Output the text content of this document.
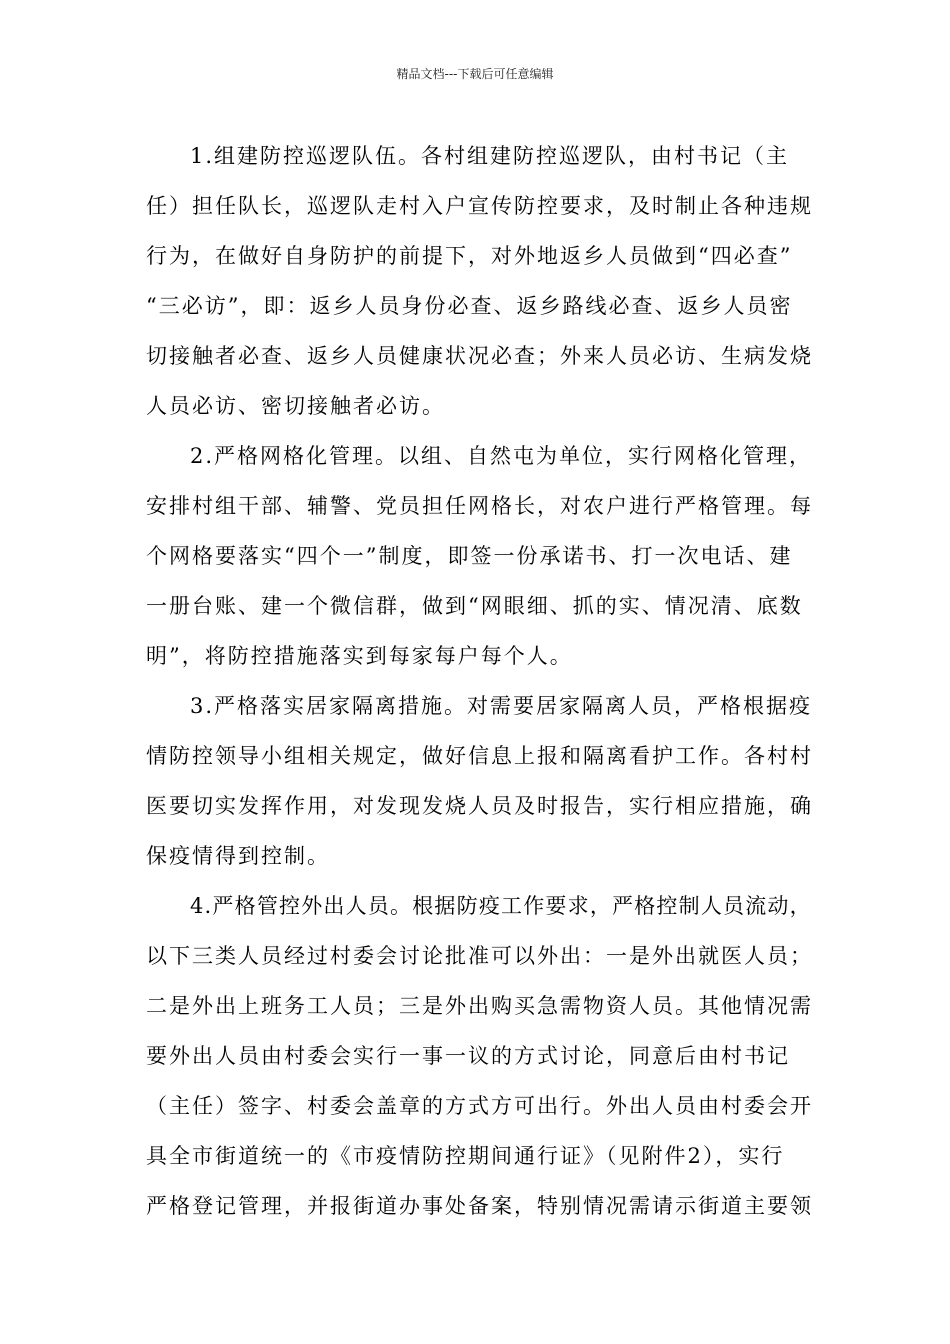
精品文档---下载后可任意编辑
1.组建防控巡逻队伍。各村组建防控巡逻队，由村书记（主
任）担任队长，巡逻队走村入户宣传防控要求，及时制止各种违规
行为，在做好自身防护的前提下，对外地返乡人员做到“四必查”
“三必访”，即：返乡人员身份必查、返乡路线必查、返乡人员密
切接触者必查、返乡人员健康状况必查；外来人员必访、生病发烧
人员必访、密切接触者必访。
2.严格网格化管理。以组、自然屯为单位，实行网格化管理，
安排村组干部、辅警、党员担任网格长，对农户进行严格管理。每
个网格要落实“四个一”制度，即签一份承诺书、打一次电话、建
一册台账、建一个微信群，做到“网眼细、抓的实、情况清、底数
明”，将防控措施落实到每家每户每个人。
3.严格落实居家隔离措施。对需要居家隔离人员，严格根据疫
情防控领导小组相关规定，做好信息上报和隔离看护工作。各村村
医要切实发挥作用，对发现发烧人员及时报告，实行相应措施，确
保疫情得到控制。
4.严格管控外出人员。根据防疫工作要求，严格控制人员流动，
以下三类人员经过村委会讨论批准可以外出：一是外出就医人员；
二是外出上班务工人员；三是外出购买急需物资人员。其他情况需
要外出人员由村委会实行一事一议的方式讨论，同意后由村书记
（主任）签字、村委会盖章的方式方可出行。外出人员由村委会开
具全市街道统一的《市疫情防控期间通行证》（见附件2），实行
严格登记管理，并报街道办事处备案，特别情况需请示街道主要领
